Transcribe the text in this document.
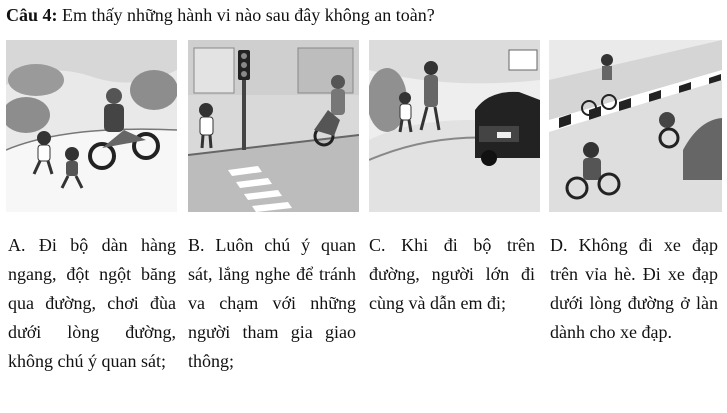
Câu 4: Em thấy những hành vi nào sau đây không an toàn?
A. Đi bộ dàn hàng ngang, đột ngột băng qua đường, chơi đùa dưới lòng đường, không chú ý quan sát;
B. Luôn chú ý quan sát, lắng nghe để tránh va chạm với những người tham gia giao thông;
C. Khi đi bộ trên đường, người lớn đi cùng và dẫn em đi;
D. Không đi xe đạp trên vỉa hè. Đi xe đạp dưới lòng đường ở làn dành cho xe đạp.
